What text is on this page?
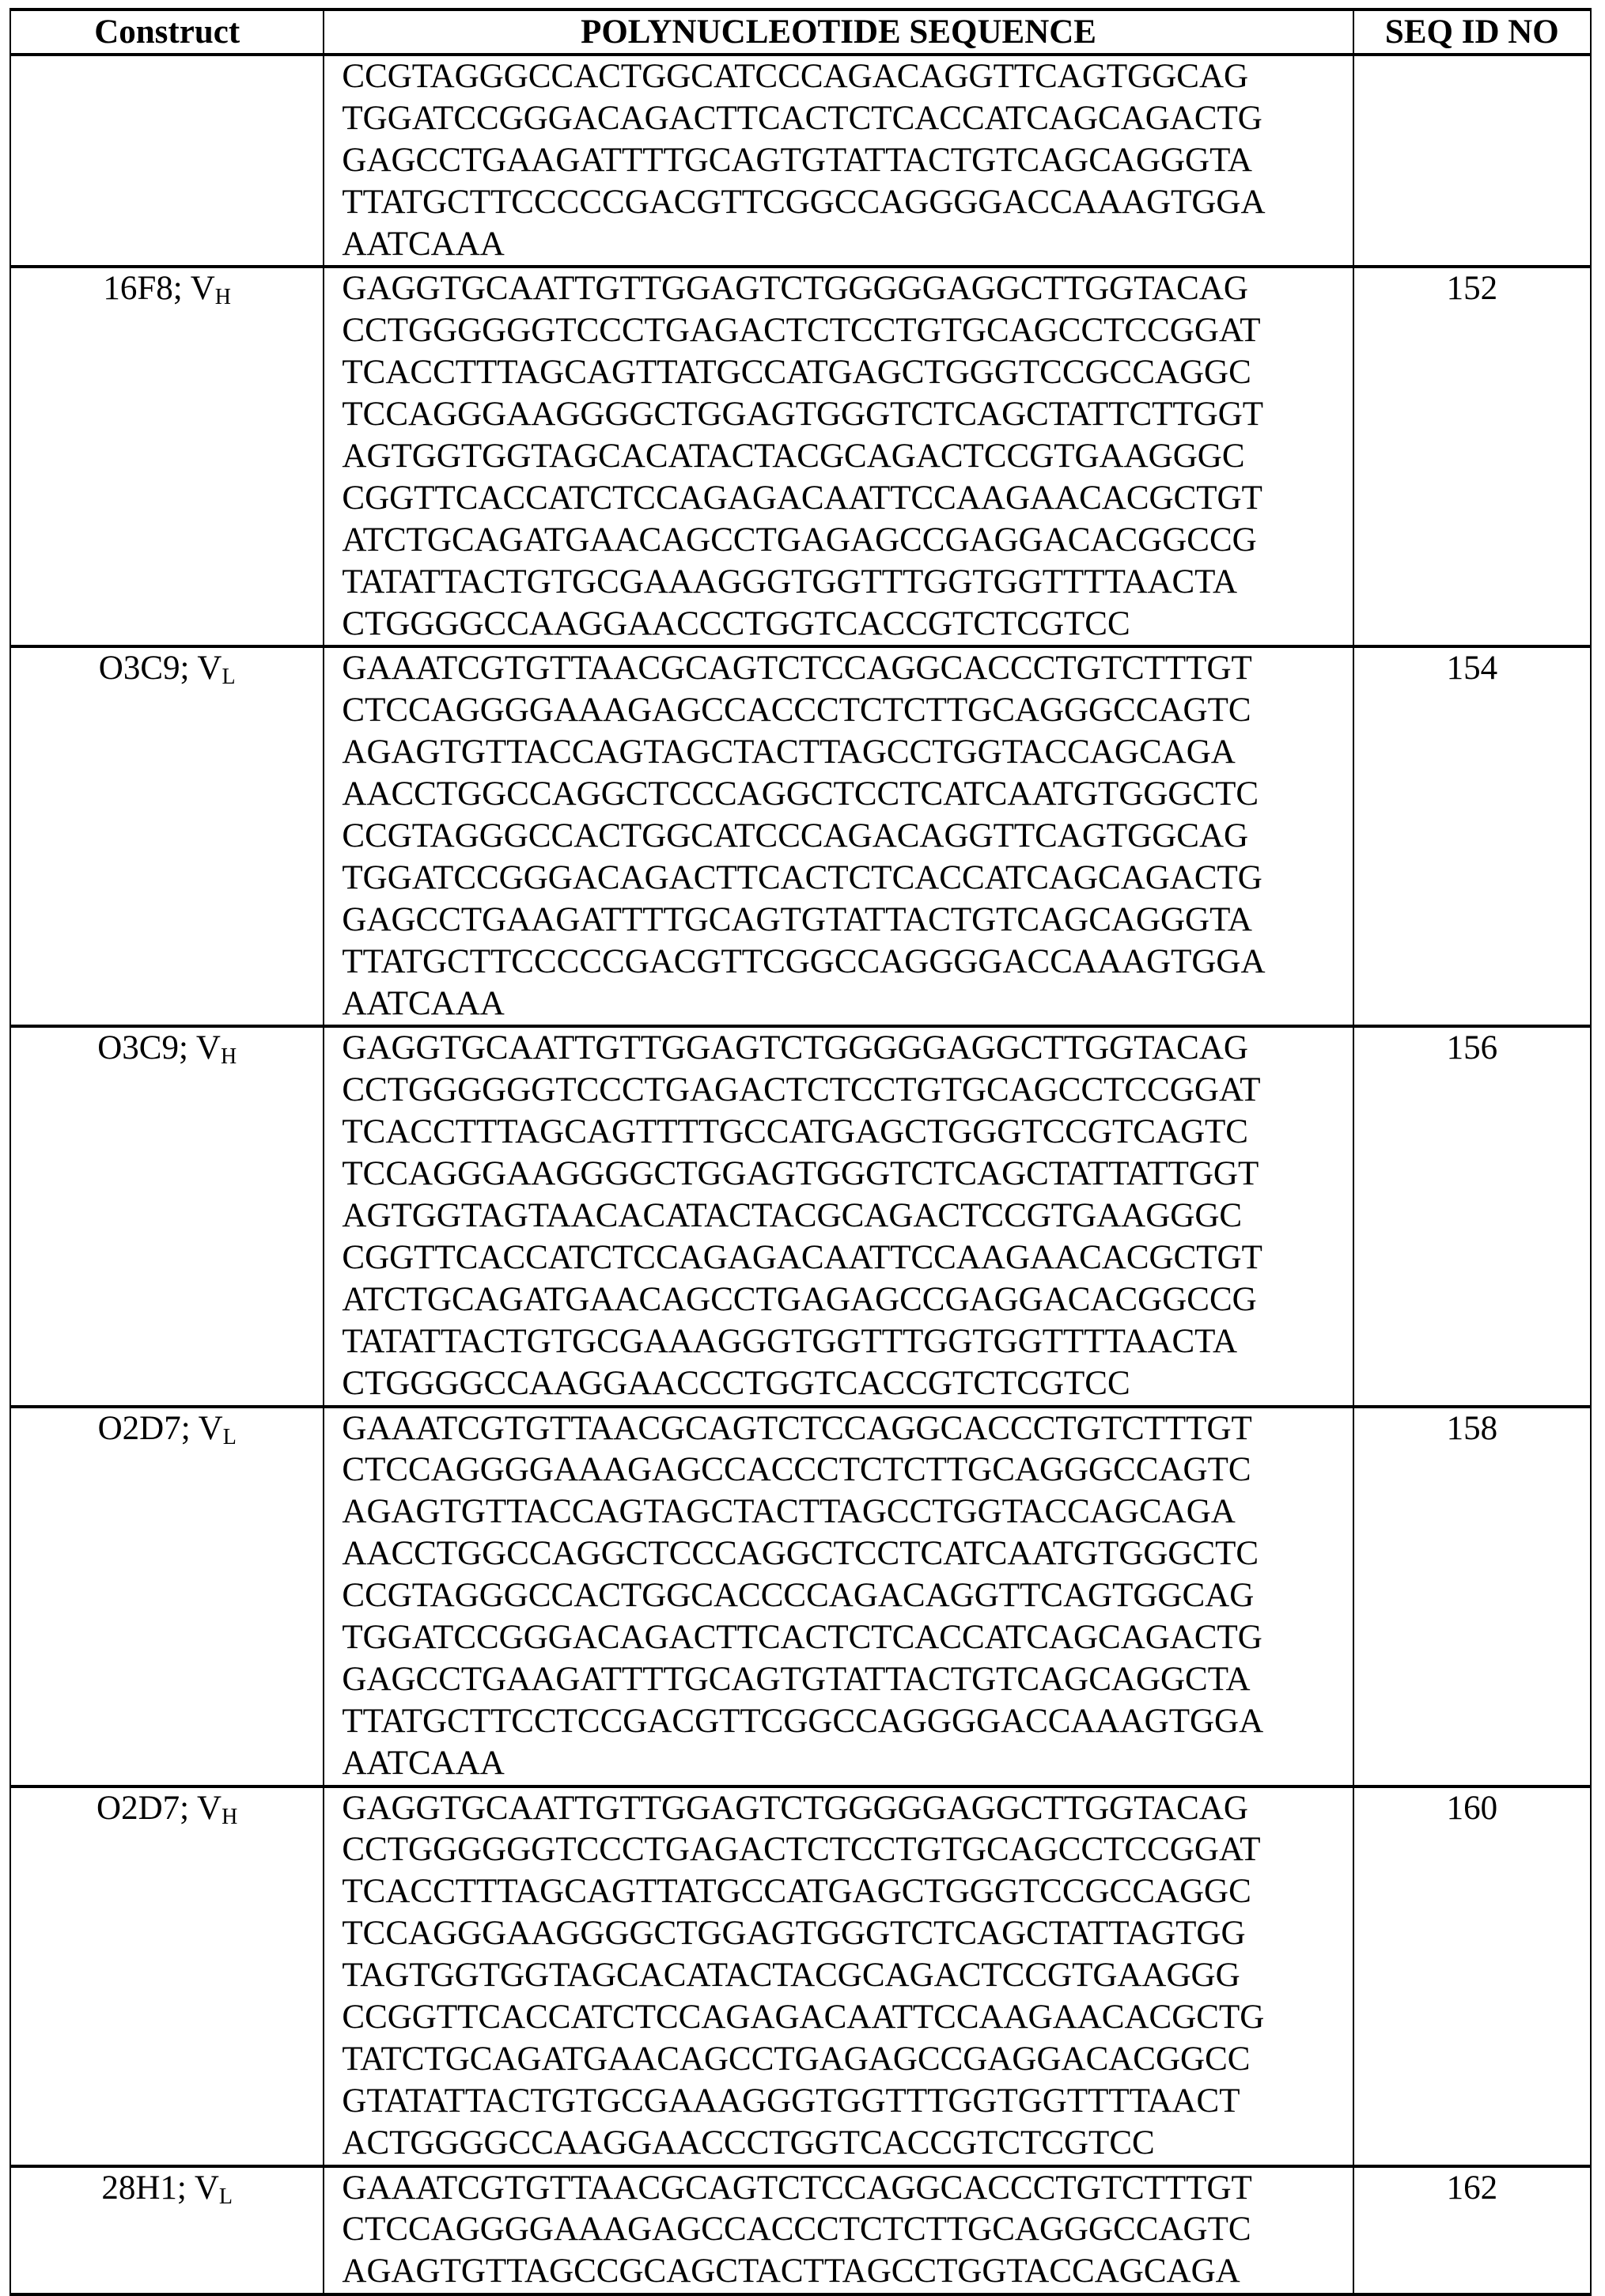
Construct	POLYNUCLEOTIDE SEQUENCE	SEQ ID NO

	CCGTAGGGCCACTGGCATCCCAGACAGGTTCAGTGGCAG
TGGATCCGGGACAGACTTCACTCTCACCATCAGCAGACTG
GAGCCTGAAGATTTTGCAGTGTATTACTGTCAGCAGGGTA
TTATGCTTCCCCCGACGTTCGGCCAGGGGACCAAAGTGGA
AATCAAA	

16F8; $V_H$	GAGGTGCAATTGTTGGAGTCTGGGGGAGGCTTGGTACAG
CCTGGGGGGTCCCTGAGACTCTCCTGTGCAGCCTCCGGAT
TCACCTTTAGCAGTTATGCCATGAGCTGGGTCCGCCAGGC
TCCAGGGAAGGGGCTGGAGTGGGTCTCAGCTATTCTTGGT
AGTGGTGGTAGCACATACTACGCAGACTCCGTGAAGGGC
CGGTTCACCATCTCCAGAGACAATTCCAAGAACACGCTGT
ATCTGCAGATGAACAGCCTGAGAGCCGAGGACACGGCCG
TATATTACTGTGCGAAAGGGTGGTTTGGTGGTTTTAACTA
CTGGGGCCAAGGAACCCTGGTCACCGTCTCGTCC
	152
O3C9; $V_L$	GAAATCGTGTTAACGCAGTCTCCAGGCACCCTGTCTTTGT
CTCCAGGGGAAAGAGCCACCCTCTCTTGCAGGGCCAGTC
AGAGTGTTACCAGTAGCTACTTAGCCTGGTACCAGCAGA
AACCTGGCCAGGCTCCCAGGCTCCTCATCAATGTGGGCTC
CCGTAGGGCCACTGGCATCCCAGACAGGTTCAGTGGCAG
TGGATCCGGGACAGACTTCACTCTCACCATCAGCAGACTG
GAGCCTGAAGATTTTGCAGTGTATTACTGTCAGCAGGGTA
TTATGCTTCCCCCGACGTTCGGCCAGGGGACCAAAGTGGA
AATCAAA
	154
O3C9; $V_H$	GAGGTGCAATTGTTGGAGTCTGGGGGAGGCTTGGTACAG
CCTGGGGGGTCCCTGAGACTCTCCTGTGCAGCCTCCGGAT
TCACCTTTAGCAGTTTTGCCATGAGCTGGGTCCGTCAGTC
TCCAGGGAAGGGGCTGGAGTGGGTCTCAGCTATTATTGGT
AGTGGTAGTAACACATACTACGCAGACTCCGTGAAGGGC
CGGTTCACCATCTCCAGAGACAATTCCAAGAACACGCTGT
ATCTGCAGATGAACAGCCTGAGAGCCGAGGACACGGCCG
TATATTACTGTGCGAAAGGGTGGTTTGGTGGTTTTAACTA
CTGGGGCCAAGGAACCCTGGTCACCGTCTCGTCC
	156
O2D7; $V_L$	GAAATCGTGTTAACGCAGTCTCCAGGCACCCTGTCTTTGT
CTCCAGGGGAAAGAGCCACCCTCTCTTGCAGGGCCAGTC
AGAGTGTTACCAGTAGCTACTTAGCCTGGTACCAGCAGA
AACCTGGCCAGGCTCCCAGGCTCCTCATCAATGTGGGCTC
CCGTAGGGCCACTGGCACCCCAGACAGGTTCAGTGGCAG
TGGATCCGGGACAGACTTCACTCTCACCATCAGCAGACTG
GAGCCTGAAGATTTTGCAGTGTATTACTGTCAGCAGGCTA
TTATGCTTCCTCCGACGTTCGGCCAGGGGACCAAAGTGGA
AATCAAA
	158
O2D7; $V_H$	GAGGTGCAATTGTTGGAGTCTGGGGGAGGCTTGGTACAG
CCTGGGGGGTCCCTGAGACTCTCCTGTGCAGCCTCCGGAT
TCACCTTTAGCAGTTATGCCATGAGCTGGGTCCGCCAGGC
TCCAGGGAAGGGGCTGGAGTGGGTCTCAGCTATTAGTGG
TAGTGGTGGTAGCACATACTACGCAGACTCCGTGAAGGG
CCGGTTCACCATCTCCAGAGACAATTCCAAGAACACGCTG
TATCTGCAGATGAACAGCCTGAGAGCCGAGGACACGGCC
GTATATTACTGTGCGAAAGGGTGGTTTGGTGGTTTTAACT
ACTGGGGCCAAGGAACCCTGGTCACCGTCTCGTCC
	160
28H1; $V_L$	GAAATCGTGTTAACGCAGTCTCCAGGCACCCTGTCTTTGT
CTCCAGGGGAAAGAGCCACCCTCTCTTGCAGGGCCAGTC
AGAGTGTTAGCCGCAGCTACTTAGCCTGGTACCAGCAGA	162
